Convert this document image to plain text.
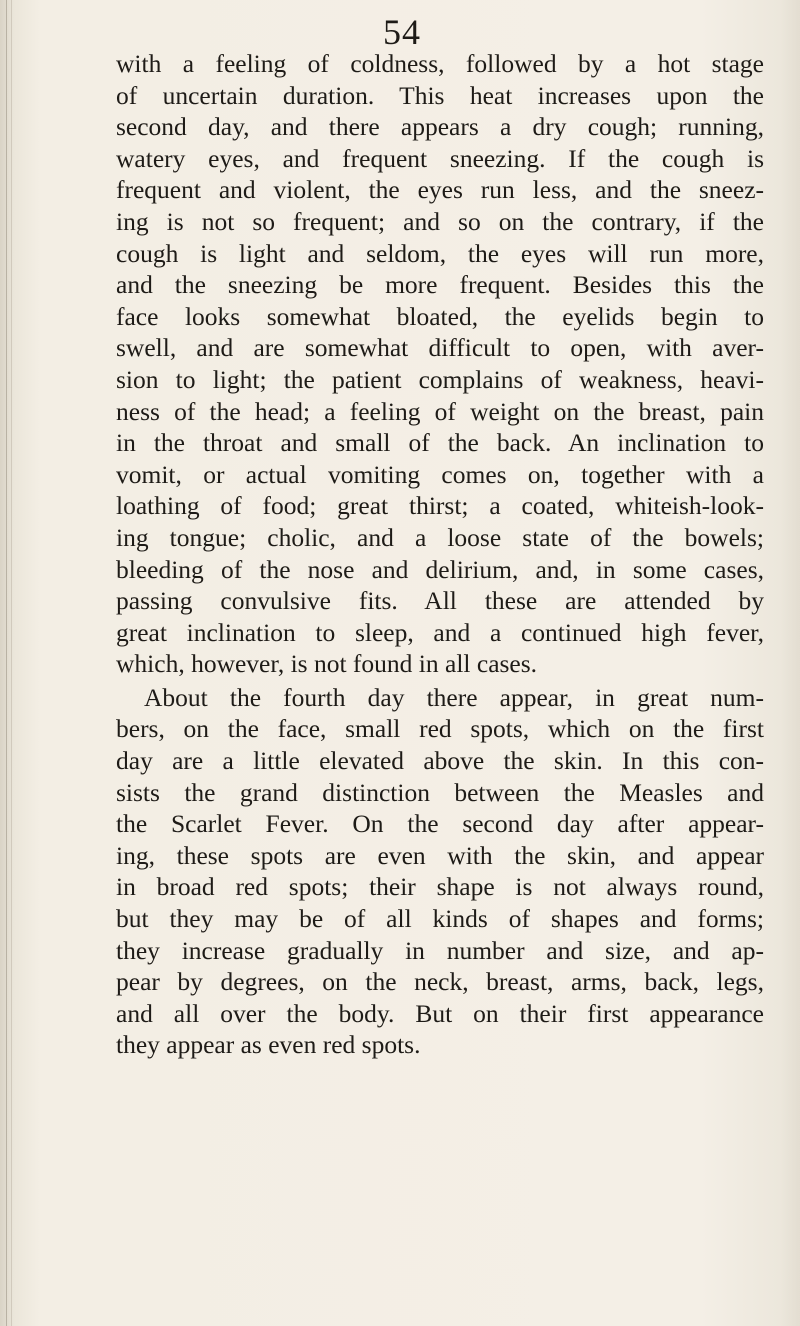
54
with a feeling of coldness, followed by a hot stage
of uncertain duration. This heat increases upon the
second day, and there appears a dry cough; running,
watery eyes, and frequent sneezing. If the cough is
frequent and violent, the eyes run less, and the sneez-
ing is not so frequent; and so on the contrary, if the
cough is light and seldom, the eyes will run more,
and the sneezing be more frequent. Besides this the
face looks somewhat bloated, the eyelids begin to
swell, and are somewhat difficult to open, with aver-
sion to light; the patient complains of weakness, heavi-
ness of the head; a feeling of weight on the breast, pain
in the throat and small of the back. An inclination to
vomit, or actual vomiting comes on, together with a
loathing of food; great thirst; a coated, whiteish-look-
ing tongue; cholic, and a loose state of the bowels;
bleeding of the nose and delirium, and, in some cases,
passing convulsive fits. All these are attended by
great inclination to sleep, and a continued high fever,
which, however, is not found in all cases.
About the fourth day there appear, in great num-
bers, on the face, small red spots, which on the first
day are a little elevated above the skin. In this con-
sists the grand distinction between the Measles and
the Scarlet Fever. On the second day after appear-
ing, these spots are even with the skin, and appear
in broad red spots; their shape is not always round,
but they may be of all kinds of shapes and forms;
they increase gradually in number and size, and ap-
pear by degrees, on the neck, breast, arms, back, legs,
and all over the body. But on their first appearance
they appear as even red spots.
